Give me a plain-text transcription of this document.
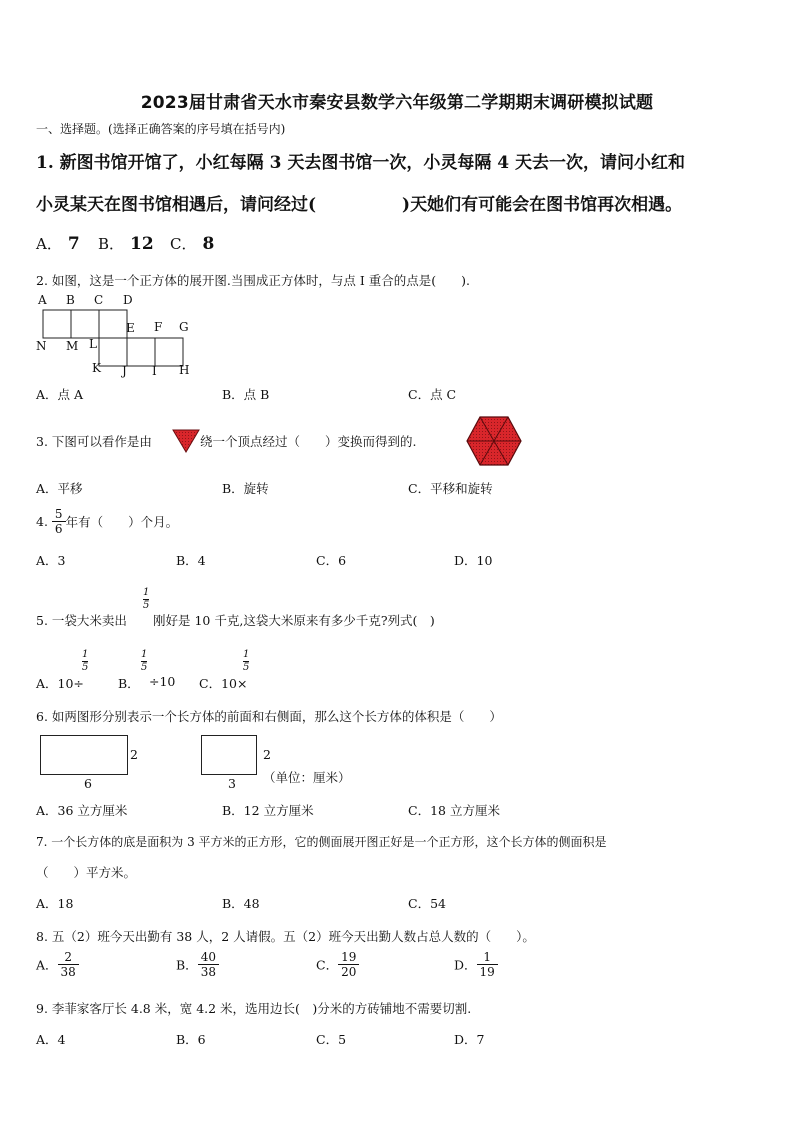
2023届甘肃省天水市秦安县数学六年级第二学期期末调研模拟试题
一、选择题。(选择正确答案的序号填在括号内)
1. 新图书馆开馆了，小红每隔 3 天去图书馆一次，小灵每隔 4 天去一次，请问小红和
小灵某天在图书馆相遇后，请问经过(	)天她们有可能会在图书馆再次相遇。
A． 7 B． 12 C． 8
2. 如图，这是一个正方体的展开图.当围成正方体时，与点 I 重合的点是(　　).
A B C D
E F G
N M L
K J I H
A．点 A	B．点 B	C．点 C
3. 下图可以看作是由	绕一个顶点经过（　　）变换而得到的.
A．平移	B．旋转	C．平移和旋转
4. $\frac{5}{6}$ 年有（　　）个月。
A．3	B．4	C．6	D．10
5. 一袋大米卖出
1
5
刚好是 10 千克,这袋大米原来有多少千克?列式(　)
A．10÷
1
5
B．
1
5
÷10 C．10×
1
5
6. 如两图形分别表示一个长方体的前面和右侧面，那么这个长方体的体积是（　　）
2
6
2
3 （单位：厘米）
A．36 立方厘米	B．12 立方厘米	C．18 立方厘米
7. 一个长方体的底是面积为 3 平方米的正方形，它的侧面展开图正好是一个正方形，这个长方体的侧面积是
（　　）平方米。
A．18	B．48	C．54
8. 五（2）班今天出勤有 38 人，2 人请假。五（2）班今天出勤人数占总人数的（　　）。
A． $\frac{2}{38}$	B． $\frac{40}{38}$	C． $\frac{19}{20}$	D． $\frac{1}{19}$
9. 李菲家客厅长 4.8 米，宽 4.2 米，选用边长(　)分米的方砖铺地不需要切割.
A．4	B．6	C．5	D．7
